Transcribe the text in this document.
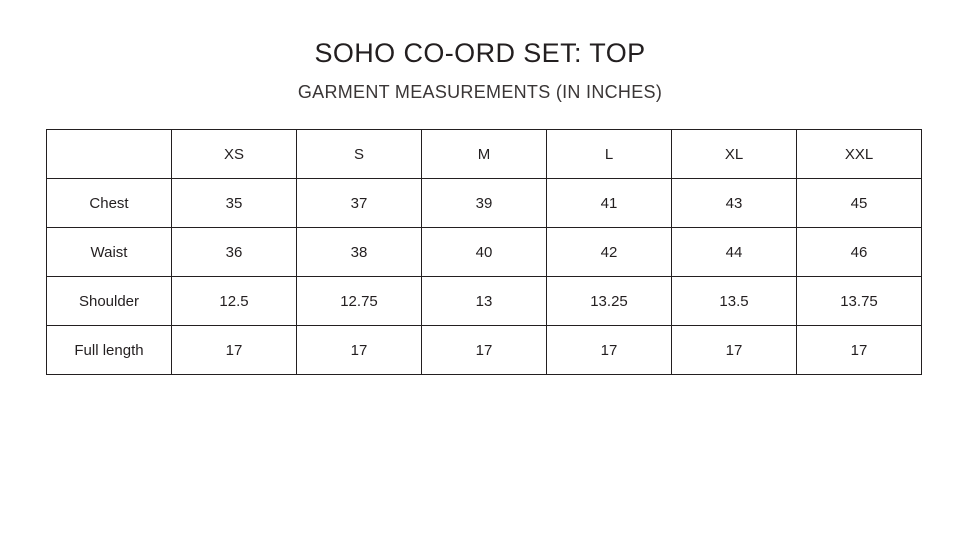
SOHO CO-ORD SET: TOP
GARMENT MEASUREMENTS (IN INCHES)
	XS	S	M	L	XL	XXL
Chest	35	37	39	41	43	45
Waist	36	38	40	42	44	46
Shoulder	12.5	12.75	13	13.25	13.5	13.75
Full length	17	17	17	17	17	17
